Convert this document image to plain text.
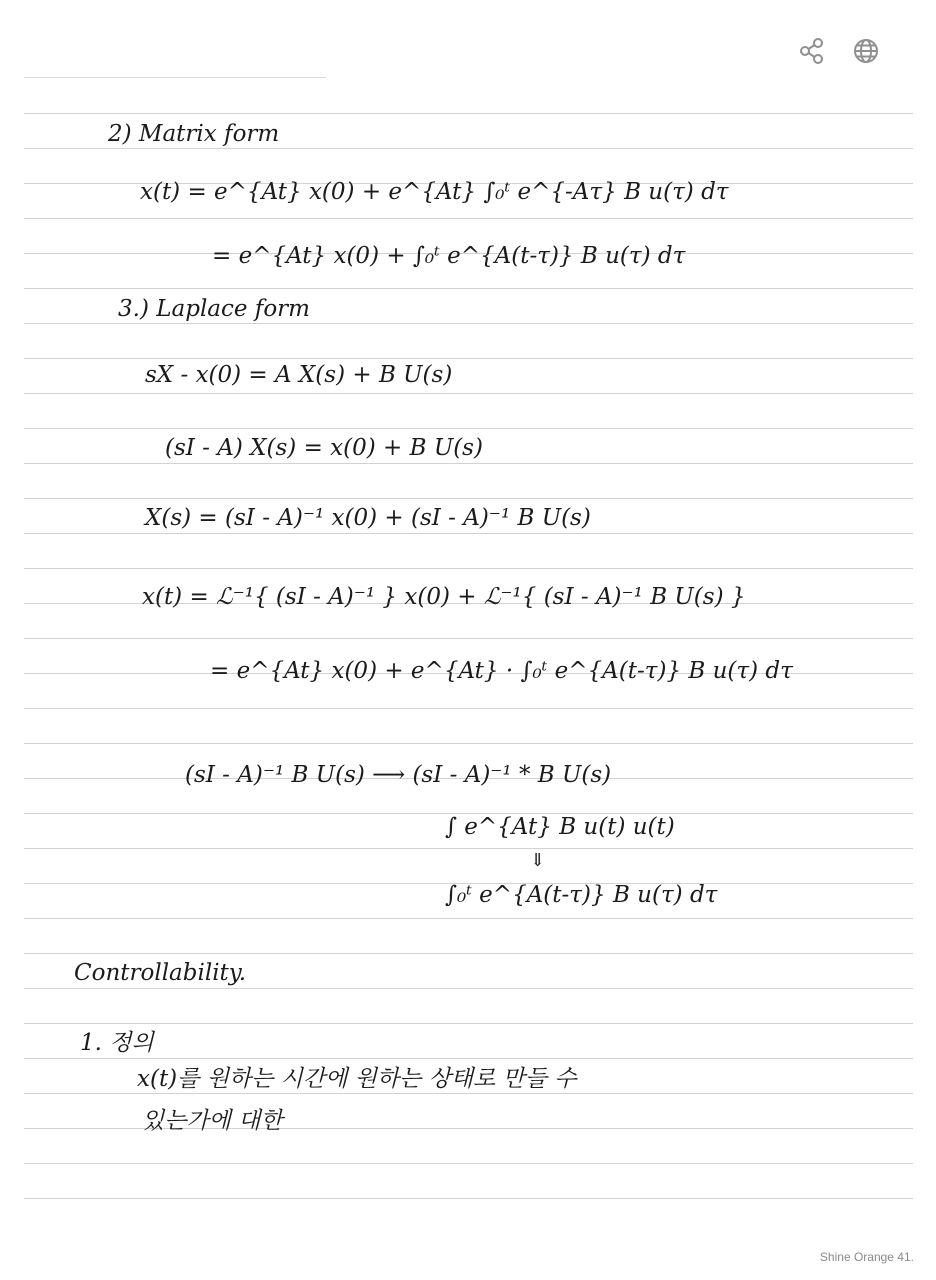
2) Matrix form
x(t) = e^{At} x(0) + e^{At} ∫₀ᵗ e^{-Aτ} B u(τ) dτ
= e^{At} x(0) + ∫₀ᵗ e^{A(t-τ)} B u(τ) dτ
3.) Laplace form
sX - x(0) = A X(s) + B U(s)
(sI - A) X(s) = x(0) + B U(s)
X(s) = (sI - A)⁻¹ x(0) + (sI - A)⁻¹ B U(s)
x(t) = ℒ⁻¹{ (sI - A)⁻¹ } x(0) + ℒ⁻¹{ (sI - A)⁻¹ B U(s) }
= e^{At} x(0) + e^{At} · ∫₀ᵗ e^{A(t-τ)} B u(τ) dτ
(sI - A)⁻¹ B U(s) ⟶ (sI - A)⁻¹ * B U(s)
∫ e^{At} B u(t) u(t)
⇓
∫₀ᵗ e^{A(t-τ)} B u(τ) dτ
Controllability.
1. 정의
x(t)를 원하는 시간에 원하는 상태로 만들 수
있는가에 대한
Shine Orange 41.
